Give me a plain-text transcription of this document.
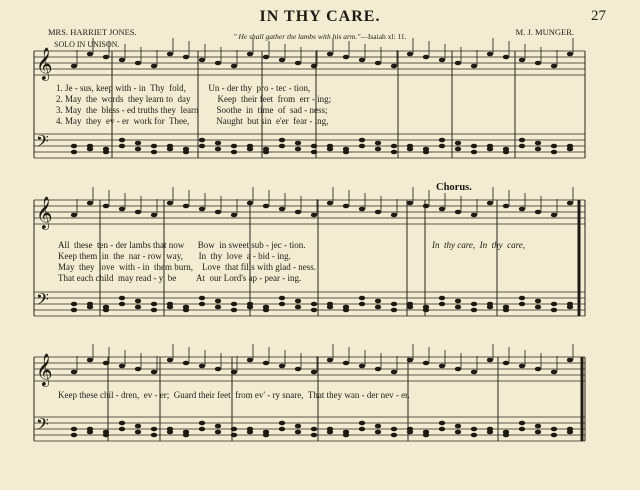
IN THY CARE.	27
MRS. HARRIET JONES.	M. J. MUNGER.
" He shall gather the lambs with his arm."—Isaiah xl: 11.
SOLO IN UNISON.
Chorus.
𝄞
𝄢
𝄞
𝄢
𝄞
𝄢
1. Je - sus, keep with - in  Thy  fold,          Un - der thy  pro - tec - tion,
2. May  the  words  they learn to  day            Keep  their feet  from  err - ing;
3. May  the  bless - ed truths they  learn        Soothe  in  time  of  sad - ness;
4. May  they  ev - er  work for  Thee,            Naught  but sin  e'er  fear - ing,
All  these  ten - der lambs that now      Bow  in sweet sub - jec - tion.
Keep them  in  the  nar - row  way,       In  thy  love  a - bid - ing.
May  they  love  with - in  them burn,    Love  that fills with glad - ness.
That each child  may read - y  be         At  our Lord's ap - pear - ing.
In  thy care,  In  thy  care,
Keep these chil - dren,  ev - er;  Guard their feet  from ev' - ry snare,  That they wan - der nev - er.
